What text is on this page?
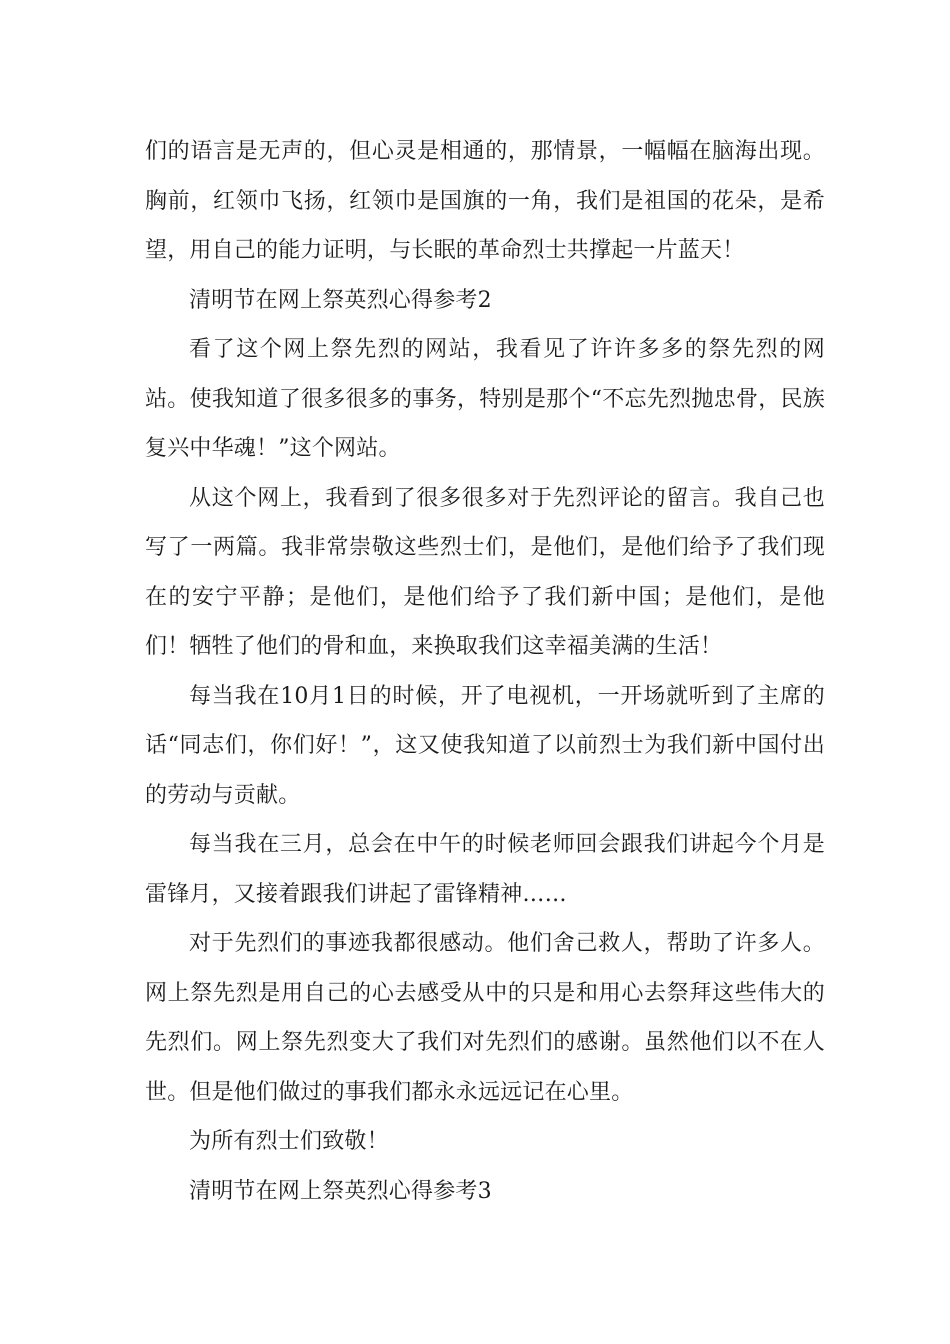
们的语言是无声的，但心灵是相通的，那情景，一幅幅在脑海出现。胸前，红领巾飞扬，红领巾是国旗的一角，我们是祖国的花朵，是希望，用自己的能力证明，与长眠的革命烈士共撑起一片蓝天！

清明节在网上祭英烈心得参考2

看了这个网上祭先烈的网站，我看见了许许多多的祭先烈的网站。使我知道了很多很多的事务，特别是那个“不忘先烈抛忠骨，民族复兴中华魂！”这个网站。

从这个网上，我看到了很多很多对于先烈评论的留言。我自己也写了一两篇。我非常崇敬这些烈士们，是他们，是他们给予了我们现在的安宁平静；是他们，是他们给予了我们新中国；是他们，是他们！牺牲了他们的骨和血，来换取我们这幸福美满的生活！

每当我在10月1日的时候，开了电视机，一开场就听到了主席的话“同志们，你们好！”，这又使我知道了以前烈士为我们新中国付出的劳动与贡献。

每当我在三月，总会在中午的时候老师回会跟我们讲起今个月是雷锋月，又接着跟我们讲起了雷锋精神……

对于先烈们的事迹我都很感动。他们舍己救人，帮助了许多人。网上祭先烈是用自己的心去感受从中的只是和用心去祭拜这些伟大的先烈们。网上祭先烈变大了我们对先烈们的感谢。虽然他们以不在人世。但是他们做过的事我们都永永远远记在心里。

为所有烈士们致敬！

清明节在网上祭英烈心得参考3
